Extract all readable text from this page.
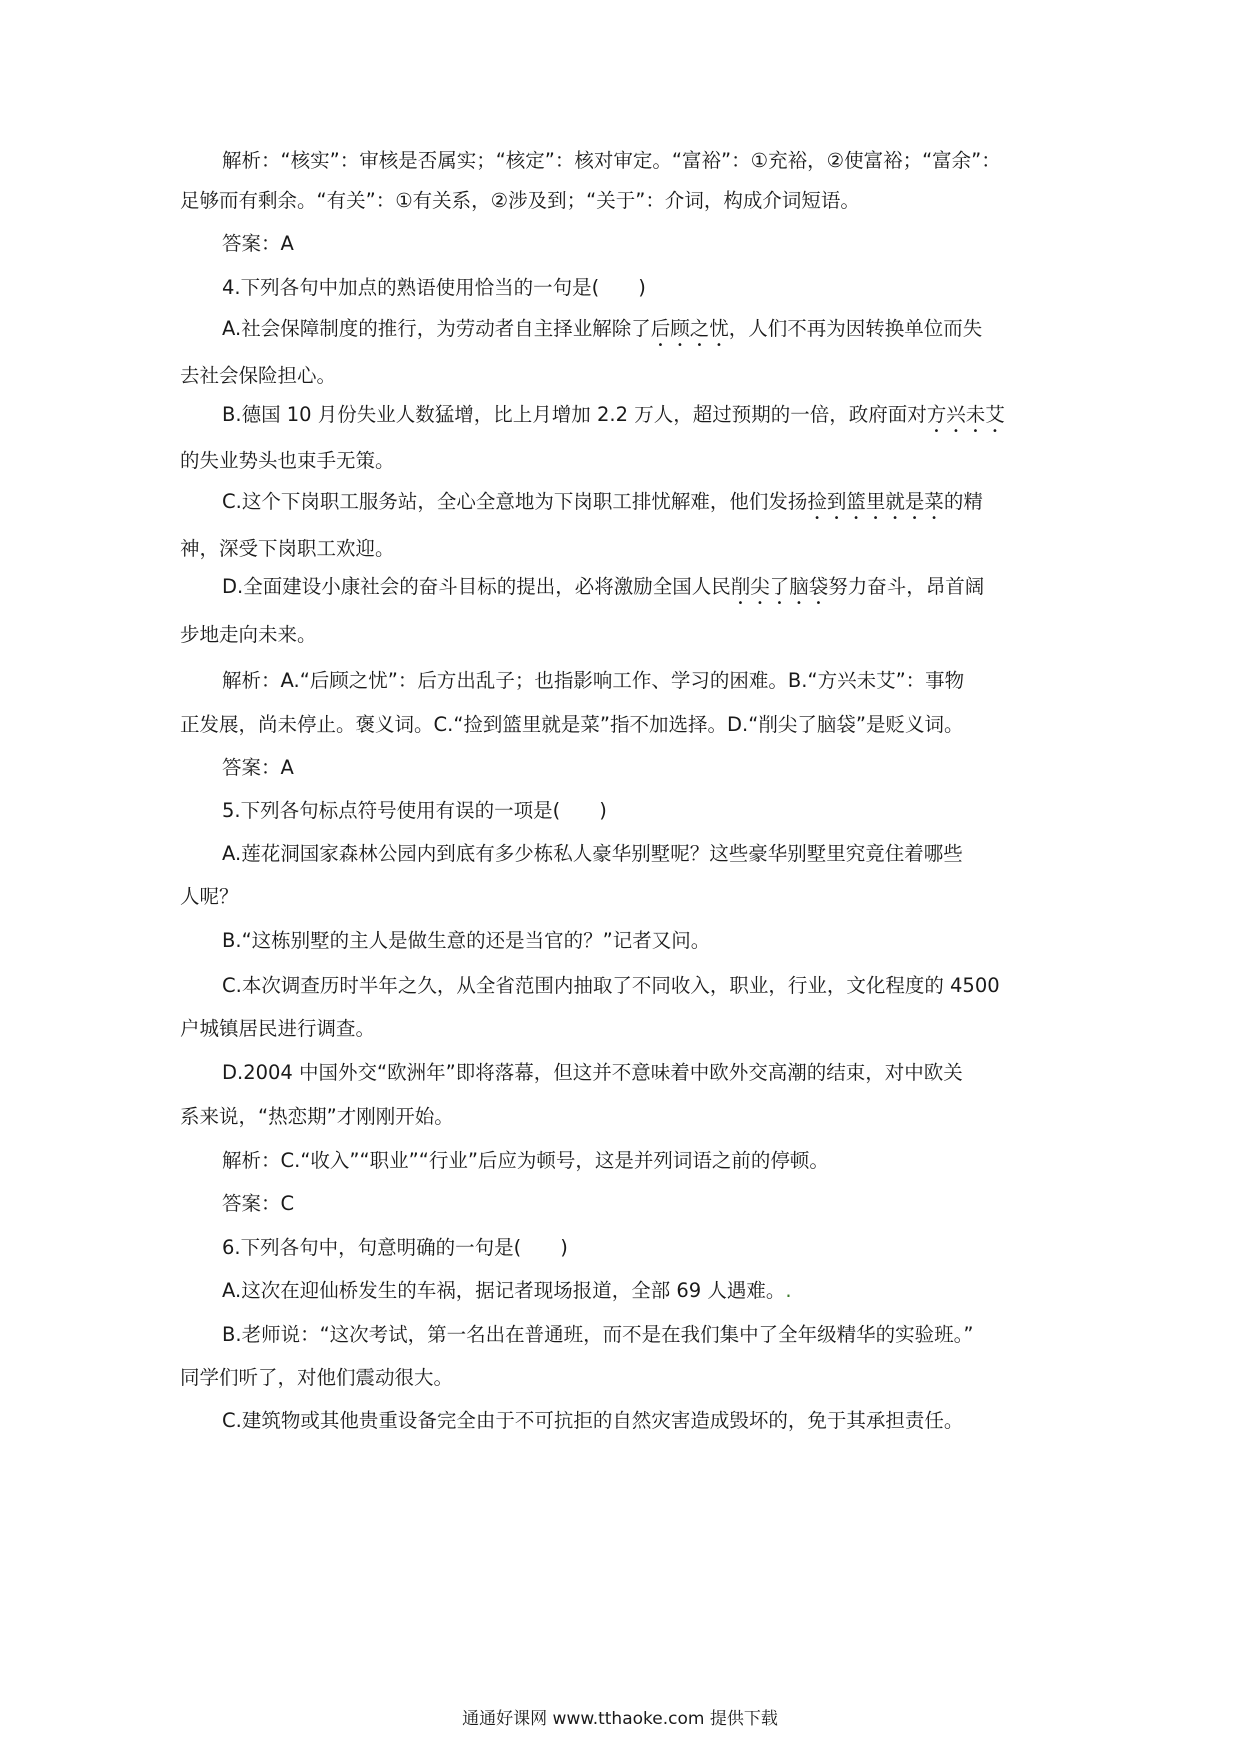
解析：“核实”：审核是否属实；“核定”：核对审定。“富裕”：①充裕，②使富裕；“富余”：
足够而有剩余。“有关”：①有关系，②涉及到；“关于”：介词，构成介词短语。
答案：A
4.下列各句中加点的熟语使用恰当的一句是(　　)
A.社会保障制度的推行，为劳动者自主择业解除了后顾之忧，人们不再为因转换单位而失
去社会保险担心。
B.德国 10 月份失业人数猛增，比上月增加 2.2 万人，超过预期的一倍，政府面对方兴未艾
的失业势头也束手无策。
C.这个下岗职工服务站，全心全意地为下岗职工排忧解难，他们发扬捡到篮里就是菜的精
神，深受下岗职工欢迎。
D.全面建设小康社会的奋斗目标的提出，必将激励全国人民削尖了脑袋努力奋斗，昂首阔
步地走向未来。
解析：A.“后顾之忧”：后方出乱子；也指影响工作、学习的困难。B.“方兴未艾”：事物
正发展，尚未停止。褒义词。C.“捡到篮里就是菜”指不加选择。D.“削尖了脑袋”是贬义词。
答案：A
5.下列各句标点符号使用有误的一项是(　　)
A.莲花洞国家森林公园内到底有多少栋私人豪华别墅呢？这些豪华别墅里究竟住着哪些
人呢？
B.“这栋别墅的主人是做生意的还是当官的？”记者又问。
C.本次调查历时半年之久，从全省范围内抽取了不同收入，职业，行业，文化程度的 4500
户城镇居民进行调查。
D.2004 中国外交“欧洲年”即将落幕，但这并不意味着中欧外交高潮的结束，对中欧关
系来说，“热恋期”才刚刚开始。
解析：C.“收入”“职业”“行业”后应为顿号，这是并列词语之前的停顿。
答案：C
6.下列各句中，句意明确的一句是(　　)
A.这次在迎仙桥发生的车祸，据记者现场报道，全部 69 人遇难。.
B.老师说：“这次考试，第一名出在普通班，而不是在我们集中了全年级精华的实验班。”
同学们听了，对他们震动很大。
C.建筑物或其他贵重设备完全由于不可抗拒的自然灾害造成毁坏的，免于其承担责任。
通通好课网 www.tthaoke.com 提供下载
